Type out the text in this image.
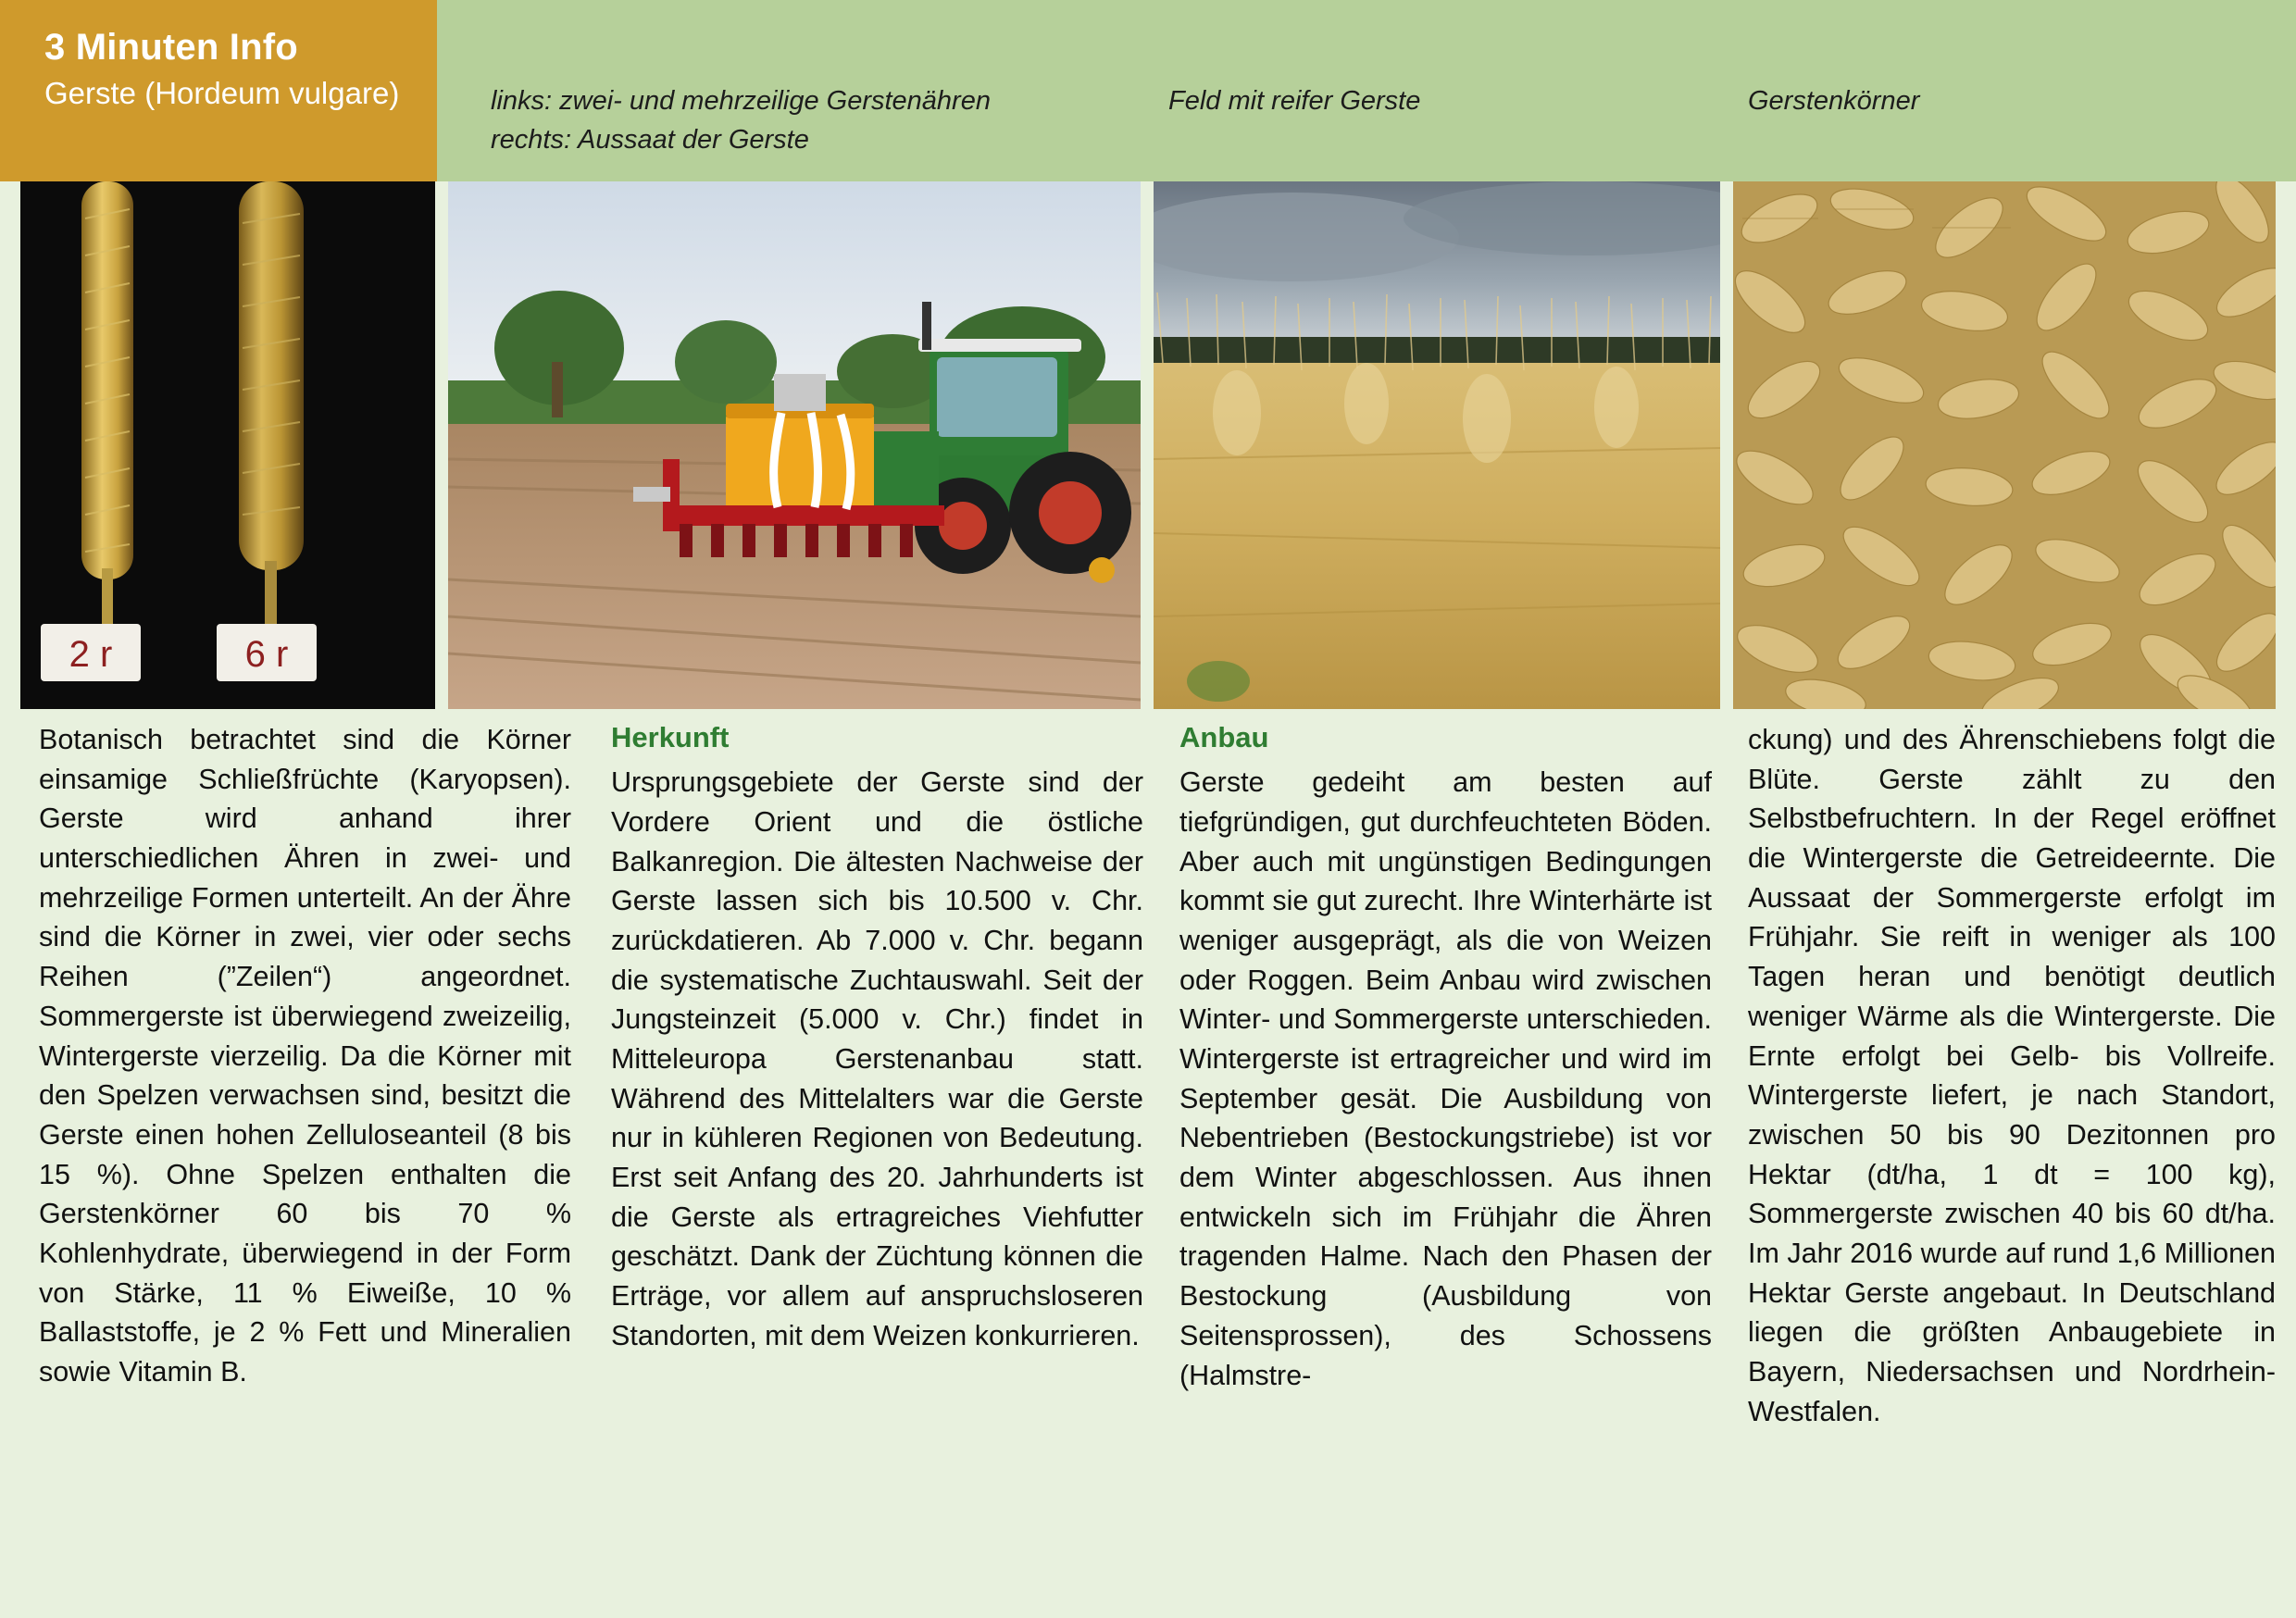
3 Minuten Info
Gerste (Hordeum vulgare)	links: zwei- und mehrzeilige Gerstenähren
rechts: Aussaat der Gerste
Feld mit reifer Gerste	Gerstenkörner
2 r	6 r
Botanisch betrachtet sind die Körner einsamige Schließfrüchte (Karyopsen). Gerste wird anhand ihrer unterschiedlichen Ähren in zwei- und mehrzeilige Formen unterteilt. An der Ähre sind die Körner in zwei, vier oder sechs Reihen (”Zeilen“) angeordnet. Sommergerste ist überwiegend zweizeilig, Wintergerste vierzeilig. Da die Körner mit den Spelzen verwachsen sind, besitzt die Gerste einen hohen Zelluloseanteil (8 bis 15 %). Ohne Spelzen enthalten die Gerstenkörner 60 bis 70 % Kohlenhydrate, überwiegend in der Form von Stärke, 11 % Eiweiße, 10 % Ballaststoffe, je 2 % Fett und Mineralien sowie Vitamin B.
Herkunft
Ursprungsgebiete der Gerste sind der Vordere Orient und die östliche Balkanregion. Die ältesten Nachweise der Gerste lassen sich bis 10.500 v. Chr. zurückdatieren. Ab 7.000 v. Chr. begann die systematische Zuchtauswahl. Seit der Jungsteinzeit (5.000 v. Chr.) findet in Mitteleuropa Gerstenanbau statt. Während des Mittelalters war die Gerste nur in kühleren Regionen von Bedeutung. Erst seit Anfang des 20. Jahrhunderts ist die Gerste als ertragreiches Viehfutter geschätzt. Dank der Züchtung können die Erträge, vor allem auf anspruchsloseren Standorten, mit dem Weizen konkurrieren.
Anbau
Gerste gedeiht am besten auf tiefgründigen, gut durchfeuchteten Böden. Aber auch mit ungünstigen Bedingungen kommt sie gut zurecht. Ihre Winterhärte ist weniger ausgeprägt, als die von Weizen oder Roggen. Beim Anbau wird zwischen Winter- und Sommergerste unterschieden. Wintergerste ist ertragreicher und wird im September gesät. Die Ausbildung von Nebentrieben (Bestockungstriebe) ist vor dem Winter abgeschlossen. Aus ihnen entwickeln sich im Frühjahr die Ähren tragenden Halme. Nach den Phasen der Bestockung (Ausbildung von Seitensprossen), des Schossens (Halmstre-
ckung) und des Ährenschiebens folgt die Blüte. Gerste zählt zu den Selbstbefruchtern. In der Regel eröffnet die Wintergerste die Getreideernte. Die Aussaat der Sommergerste erfolgt im Frühjahr. Sie reift in weniger als 100 Tagen heran und benötigt deutlich weniger Wärme als die Wintergerste. Die Ernte erfolgt bei Gelb- bis Vollreife. Wintergerste liefert, je nach Standort, zwischen 50 bis 90 Dezitonnen pro Hektar (dt/ha, 1 dt = 100 kg), Sommergerste zwischen 40 bis 60 dt/ha. Im Jahr 2016 wurde auf rund 1,6 Millionen Hektar Gerste angebaut. In Deutschland liegen die größten Anbaugebiete in Bayern, Niedersachsen und Nordrhein-Westfalen.
